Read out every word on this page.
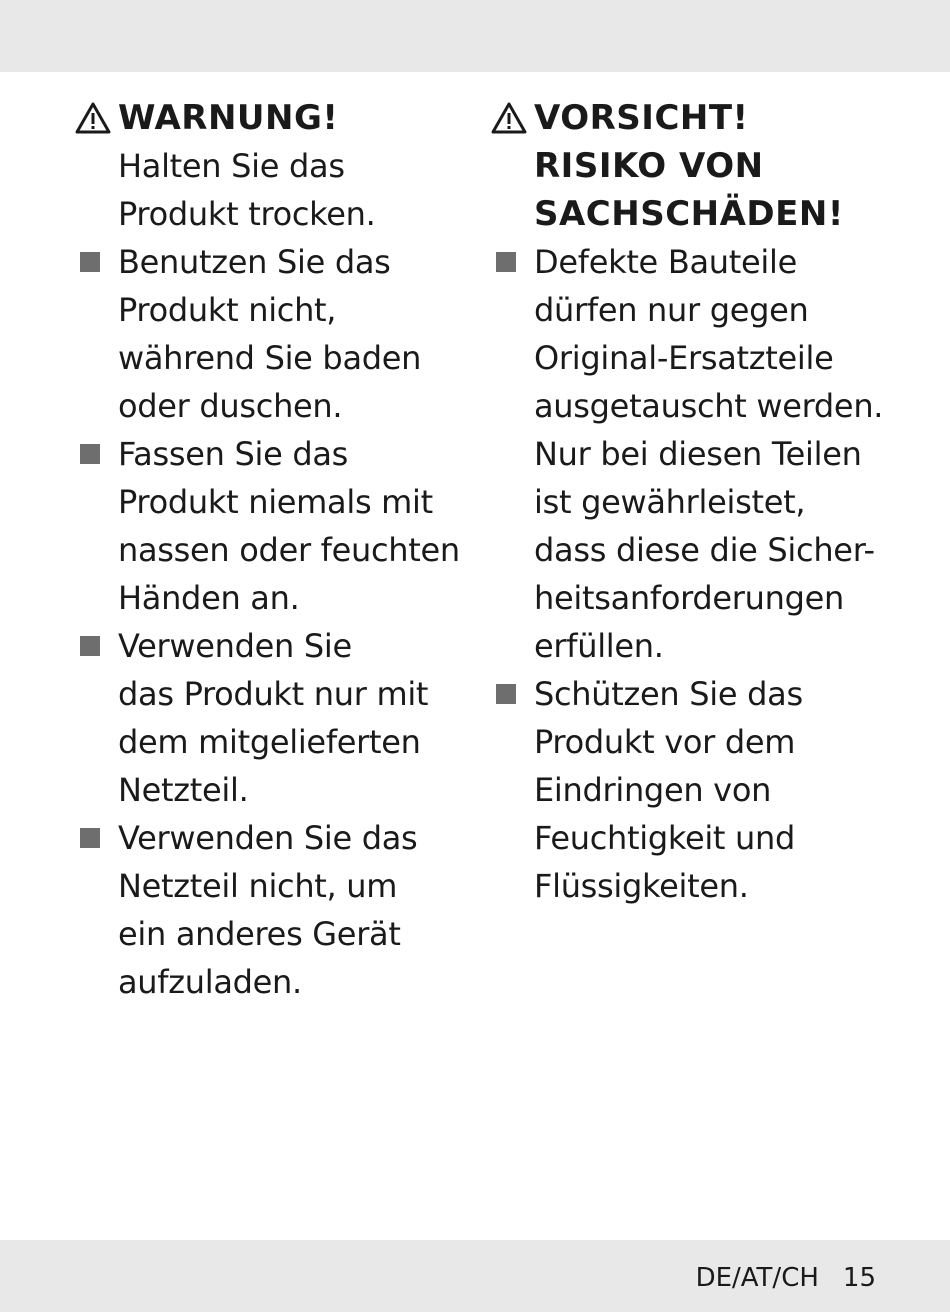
WARNUNG!
Halten Sie das
Produkt trocken.
Benutzen Sie das
Produkt nicht,
während Sie baden
oder duschen.
Fassen Sie das
Produkt niemals mit
nassen oder feuchten
Händen an.
Verwenden Sie
das Produkt nur mit
dem mitgelieferten
Netzteil.
Verwenden Sie das
Netzteil nicht, um
ein anderes Gerät
aufzuladen.
VORSICHT!
RISIKO VON
SACHSCHÄDEN!
Defekte Bauteile
dürfen nur gegen
Original-Ersatzteile
ausgetauscht werden.
Nur bei diesen Teilen
ist gewährleistet,
dass diese die Sicher-
heitsanforderungen
erfüllen.
Schützen Sie das
Produkt vor dem
Eindringen von
Feuchtigkeit und
Flüssigkeiten.
DE/AT/CH 15
